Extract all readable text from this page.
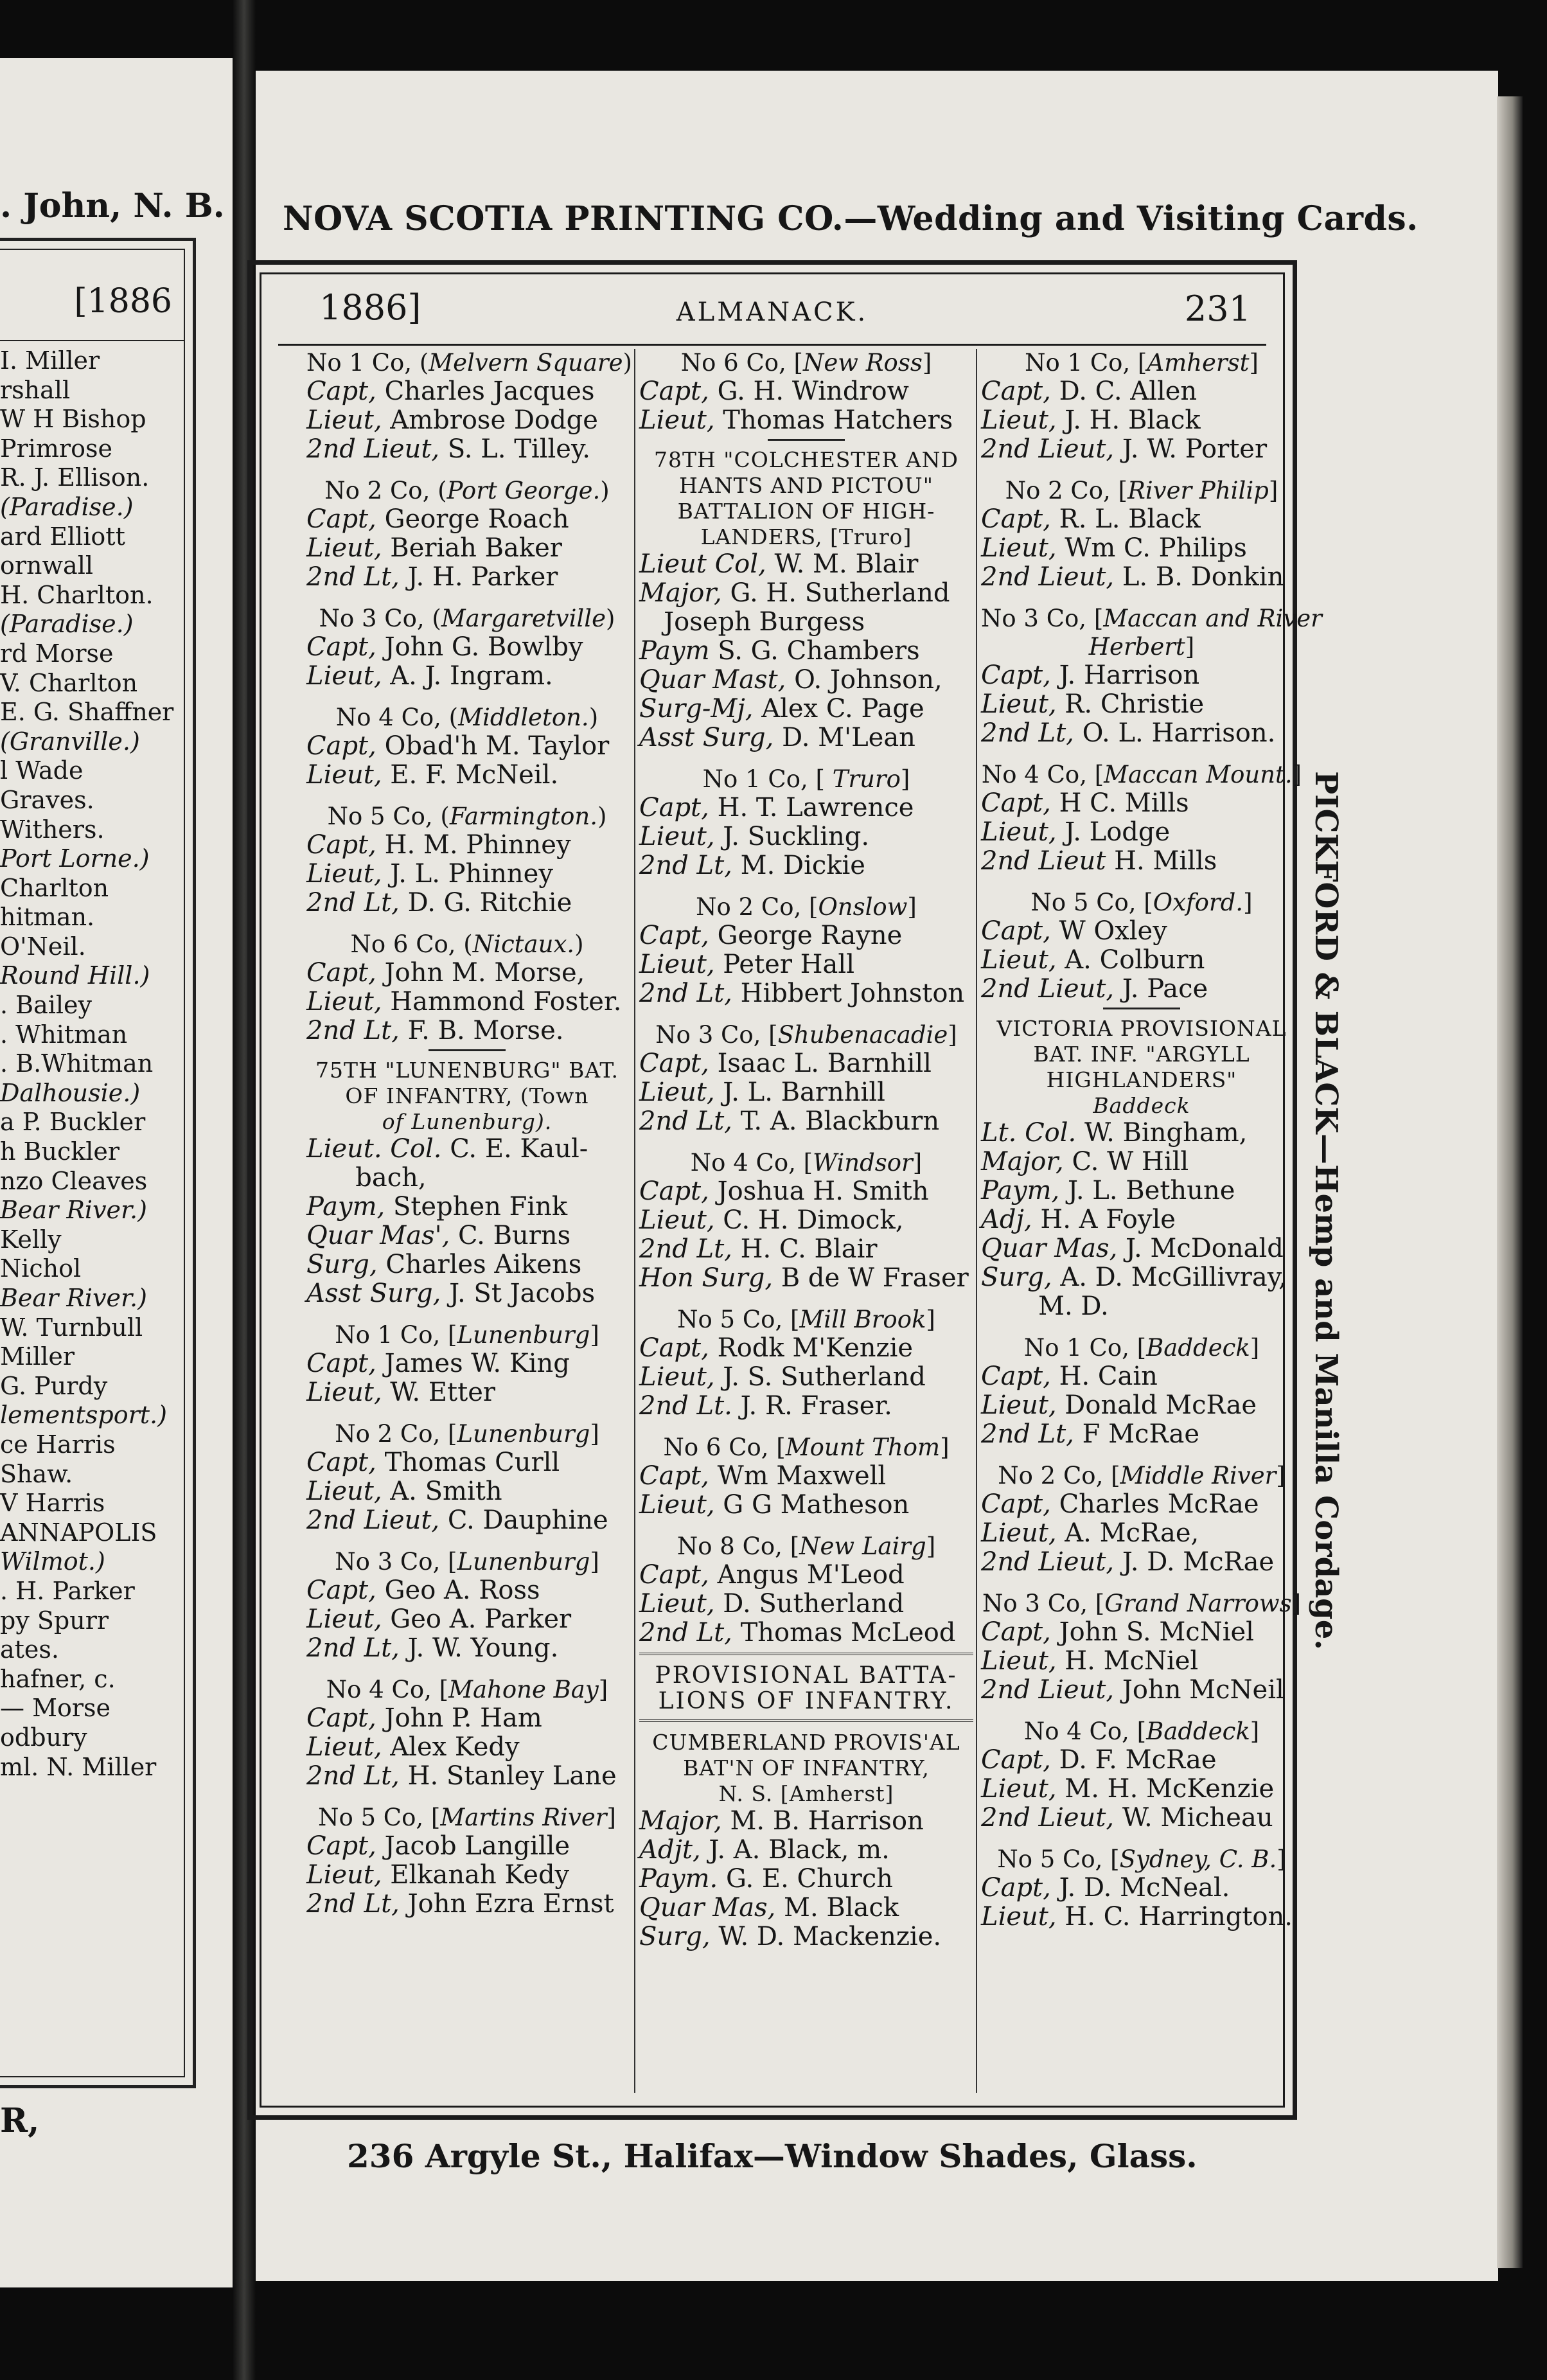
. John, N. B.
[1886
I. Miller
rshall
W H Bishop
Primrose
R. J. Ellison.
(Paradise.)
ard Elliott
ornwall
H. Charlton.
(Paradise.)
rd Morse
V. Charlton
E. G. Shaffner
(Granville.)
l Wade
Graves.
Withers.
Port Lorne.)
Charlton
hitman.
O'Neil.
Round Hill.)
. Bailey
. Whitman
. B.Whitman
Dalhousie.)
a P. Buckler
h Buckler
nzo Cleaves
Bear River.)
Kelly
Nichol
Bear River.)
W. Turnbull
Miller
G. Purdy
lementsport.)
ce Harris
Shaw.
V Harris
ANNAPOLIS
Wilmot.)
. H. Parker
py Spurr
ates.
hafner, c.
— Morse
odbury
ml. N. Miller
R,
NOVA SCOTIA PRINTING CO.—Wedding and Visiting Cards.
1886]	ALMANACK.	231
No 1 Co, (Melvern Square)
Capt, Charles Jacques
Lieut, Ambrose Dodge
2nd Lieut, S. L. Tilley.
No 2 Co, (Port George.)
Capt, George Roach
Lieut, Beriah Baker
2nd Lt, J. H. Parker
No 3 Co, (Margaretville)
Capt, John G. Bowlby
Lieut, A. J. Ingram.
No 4 Co, (Middleton.)
Capt, Obad'h M. Taylor
Lieut, E. F. McNeil.
No 5 Co, (Farmington.)
Capt, H. M. Phinney
Lieut, J. L. Phinney
2nd Lt, D. G. Ritchie
No 6 Co, (Nictaux.)
Capt, John M. Morse,
Lieut, Hammond Foster.
2nd Lt, F. B. Morse.
75TH "LUNENBURG" BAT.
OF INFANTRY, (Town
of Lunenburg).
Lieut. Col. C. E. Kaul-
bach,
Paym, Stephen Fink
Quar Mas', C. Burns
Surg, Charles Aikens
Asst Surg, J. St Jacobs
No 1 Co, [Lunenburg]
Capt, James W. King
Lieut, W. Etter
No 2 Co, [Lunenburg]
Capt, Thomas Curll
Lieut, A. Smith
2nd Lieut, C. Dauphine
No 3 Co, [Lunenburg]
Capt, Geo A. Ross
Lieut, Geo A. Parker
2nd Lt, J. W. Young.
No 4 Co, [Mahone Bay]
Capt, John P. Ham
Lieut, Alex Kedy
2nd Lt, H. Stanley Lane
No 5 Co, [Martins River]
Capt, Jacob Langille
Lieut, Elkanah Kedy
2nd Lt, John Ezra Ernst
No 6 Co, [New Ross]
Capt, G. H. Windrow
Lieut, Thomas Hatchers
78TH "COLCHESTER AND
HANTS AND PICTOU"
BATTALION OF HIGH-
LANDERS, [Truro]
Lieut Col, W. M. Blair
Major, G. H. Sutherland
Joseph Burgess
Paym S. G. Chambers
Quar Mast, O. Johnson,
Surg-Mj, Alex C. Page
Asst Surg, D. M'Lean
No 1 Co, [ Truro]
Capt, H. T. Lawrence
Lieut, J. Suckling.
2nd Lt, M. Dickie
No 2 Co, [Onslow]
Capt, George Rayne
Lieut, Peter Hall
2nd Lt, Hibbert Johnston
No 3 Co, [Shubenacadie]
Capt, Isaac L. Barnhill
Lieut, J. L. Barnhill
2nd Lt, T. A. Blackburn
No 4 Co, [Windsor]
Capt, Joshua H. Smith
Lieut, C. H. Dimock,
2nd Lt, H. C. Blair
Hon Surg, B de W Fraser
No 5 Co, [Mill Brook]
Capt, Rodk M'Kenzie
Lieut, J. S. Sutherland
2nd Lt. J. R. Fraser.
No 6 Co, [Mount Thom]
Capt, Wm Maxwell
Lieut, G G Matheson
No 8 Co, [New Lairg]
Capt, Angus M'Leod
Lieut, D. Sutherland
2nd Lt, Thomas McLeod
PROVISIONAL BATTA-
LIONS OF INFANTRY.
CUMBERLAND PROVIS'AL
BAT'N OF INFANTRY,
N. S. [Amherst]
Major, M. B. Harrison
Adjt, J. A. Black, m.
Paym. G. E. Church
Quar Mas, M. Black
Surg, W. D. Mackenzie.
No 1 Co, [Amherst]
Capt, D. C. Allen
Lieut, J. H. Black
2nd Lieut, J. W. Porter
No 2 Co, [River Philip]
Capt, R. L. Black
Lieut, Wm C. Philips
2nd Lieut, L. B. Donkin
No 3 Co, [Maccan and River
Herbert]
Capt, J. Harrison
Lieut, R. Christie
2nd Lt, O. L. Harrison.
No 4 Co, [Maccan Mount.]
Capt, H C. Mills
Lieut, J. Lodge
2nd Lieut H. Mills
No 5 Co, [Oxford.]
Capt, W Oxley
Lieut, A. Colburn
2nd Lieut, J. Pace
VICTORIA PROVISIONAL
BAT. INF. "ARGYLL
HIGHLANDERS"
Baddeck
Lt. Col. W. Bingham,
Major, C. W Hill
Paym, J. L. Bethune
Adj, H. A Foyle
Quar Mas, J. McDonald
Surg, A. D. McGillivray,
M. D.
No 1 Co, [Baddeck]
Capt, H. Cain
Lieut, Donald McRae
2nd Lt, F McRae
No 2 Co, [Middle River]
Capt, Charles McRae
Lieut, A. McRae,
2nd Lieut, J. D. McRae
No 3 Co, [Grand Narrows]
Capt, John S. McNiel
Lieut, H. McNiel
2nd Lieut, John McNeil
No 4 Co, [Baddeck]
Capt, D. F. McRae
Lieut, M. H. McKenzie
2nd Lieut, W. Micheau
No 5 Co, [Sydney, C. B.]
Capt, J. D. McNeal.
Lieut, H. C. Harrington.
PICKFORD & BLACK—Hemp and Manilla Cordage.
236 Argyle St., Halifax—Window Shades, Glass.
